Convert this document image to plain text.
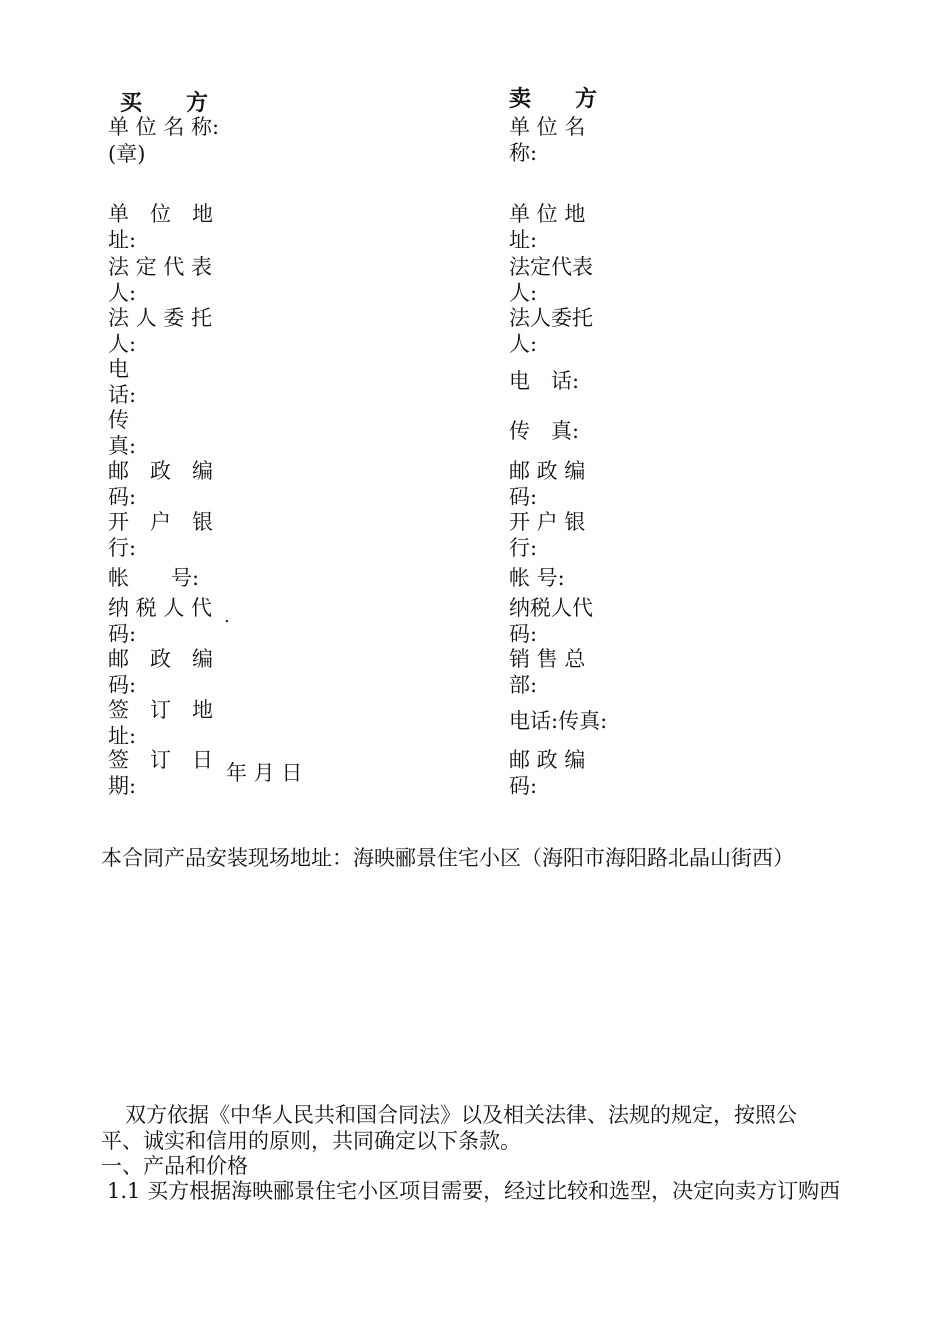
买　　方
单 位 名 称:
(章)
单　位　地
址:
法 定 代 表
人:
法 人 委 托
人:
电
话:
传
真:
邮　政　编
码:
开　户　银
行:
帐　　号:
纳 税 人 代
码:
.
邮　政　编
码:
签　订　地
址:
签　订　日
期:
年 月 日
卖　　方
单 位 名
称:
单 位 地
址:
法定代表
人:
法人委托
人:
电　话:
传　真:
邮 政 编
码:
开 户 银
行:
帐 号:
纳税人代
码:
销 售 总
部:
电话:传真:
邮 政 编
码:
本合同产品安装现场地址：海映郦景住宅小区（海阳市海阳路北晶山街西）
双方依据《中华人民共和国合同法》以及相关法律、法规的规定，按照公
平、诚实和信用的原则，共同确定以下条款。
一、产品和价格
1.1 买方根据海映郦景住宅小区项目需要，经过比较和选型，决定向卖方订购西
